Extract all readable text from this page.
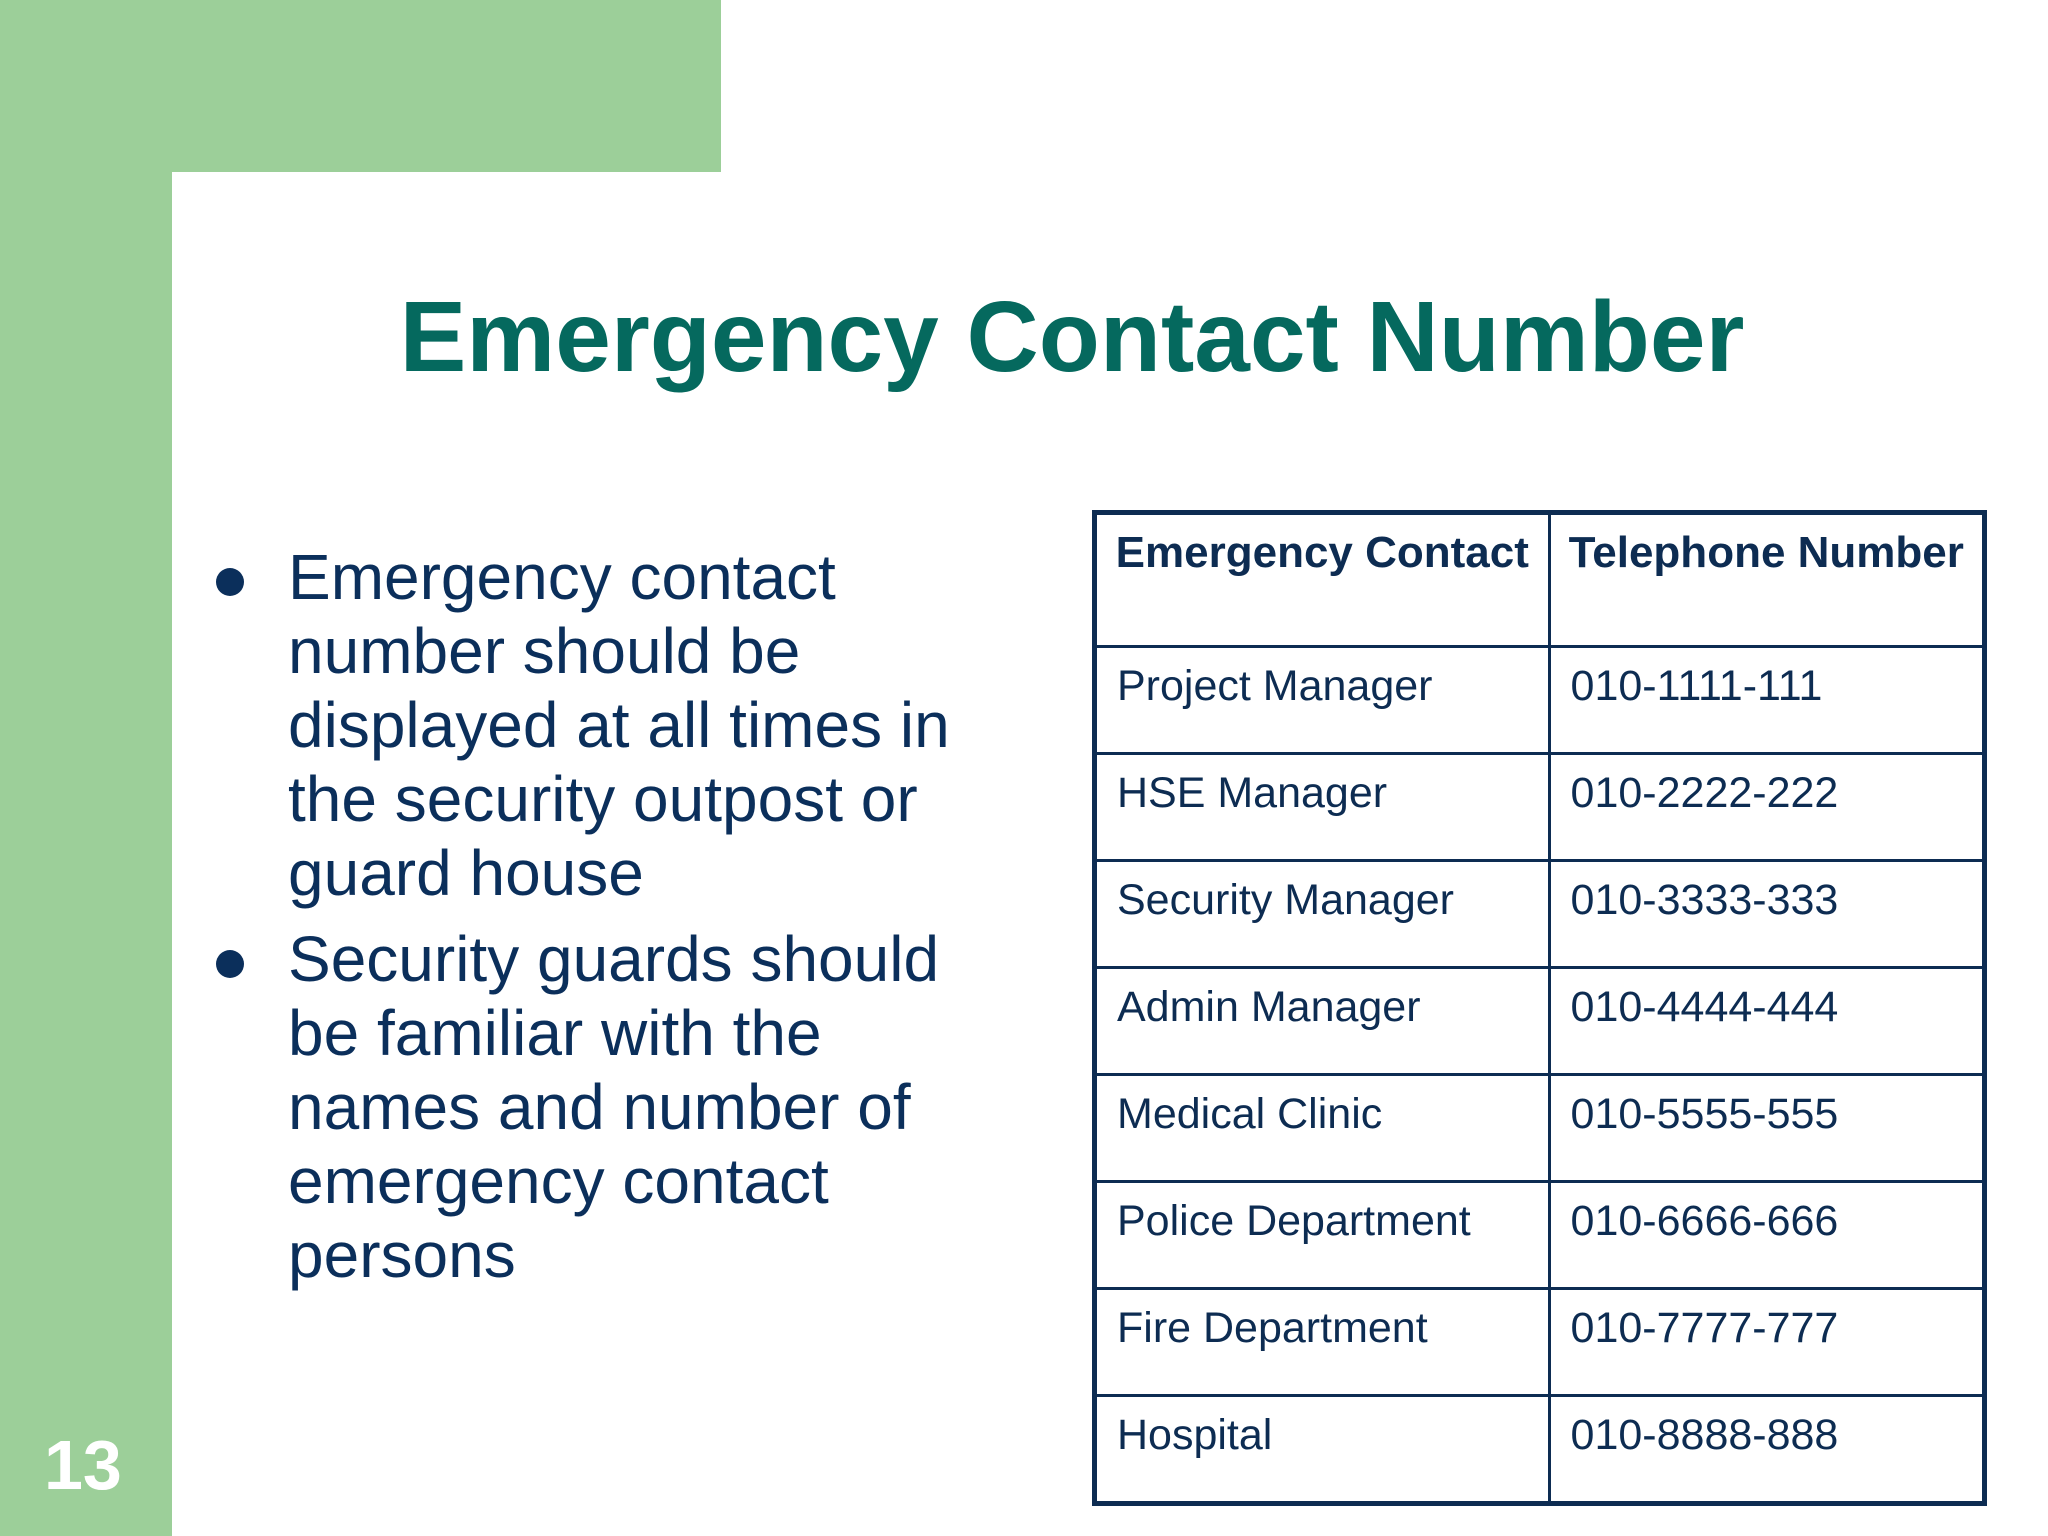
13
Emergency Contact Number
Emergency contact number should be displayed at all times in the security outpost or guard house
Security guards should be familiar with the names and number of emergency contact persons
Emergency Contact	Telephone Number
Project Manager	010-1111-111
HSE Manager	010-2222-222
Security Manager	010-3333-333
Admin Manager	010-4444-444
Medical Clinic	010-5555-555
Police Department	010-6666-666
Fire Department	010-7777-777
Hospital	010-8888-888
